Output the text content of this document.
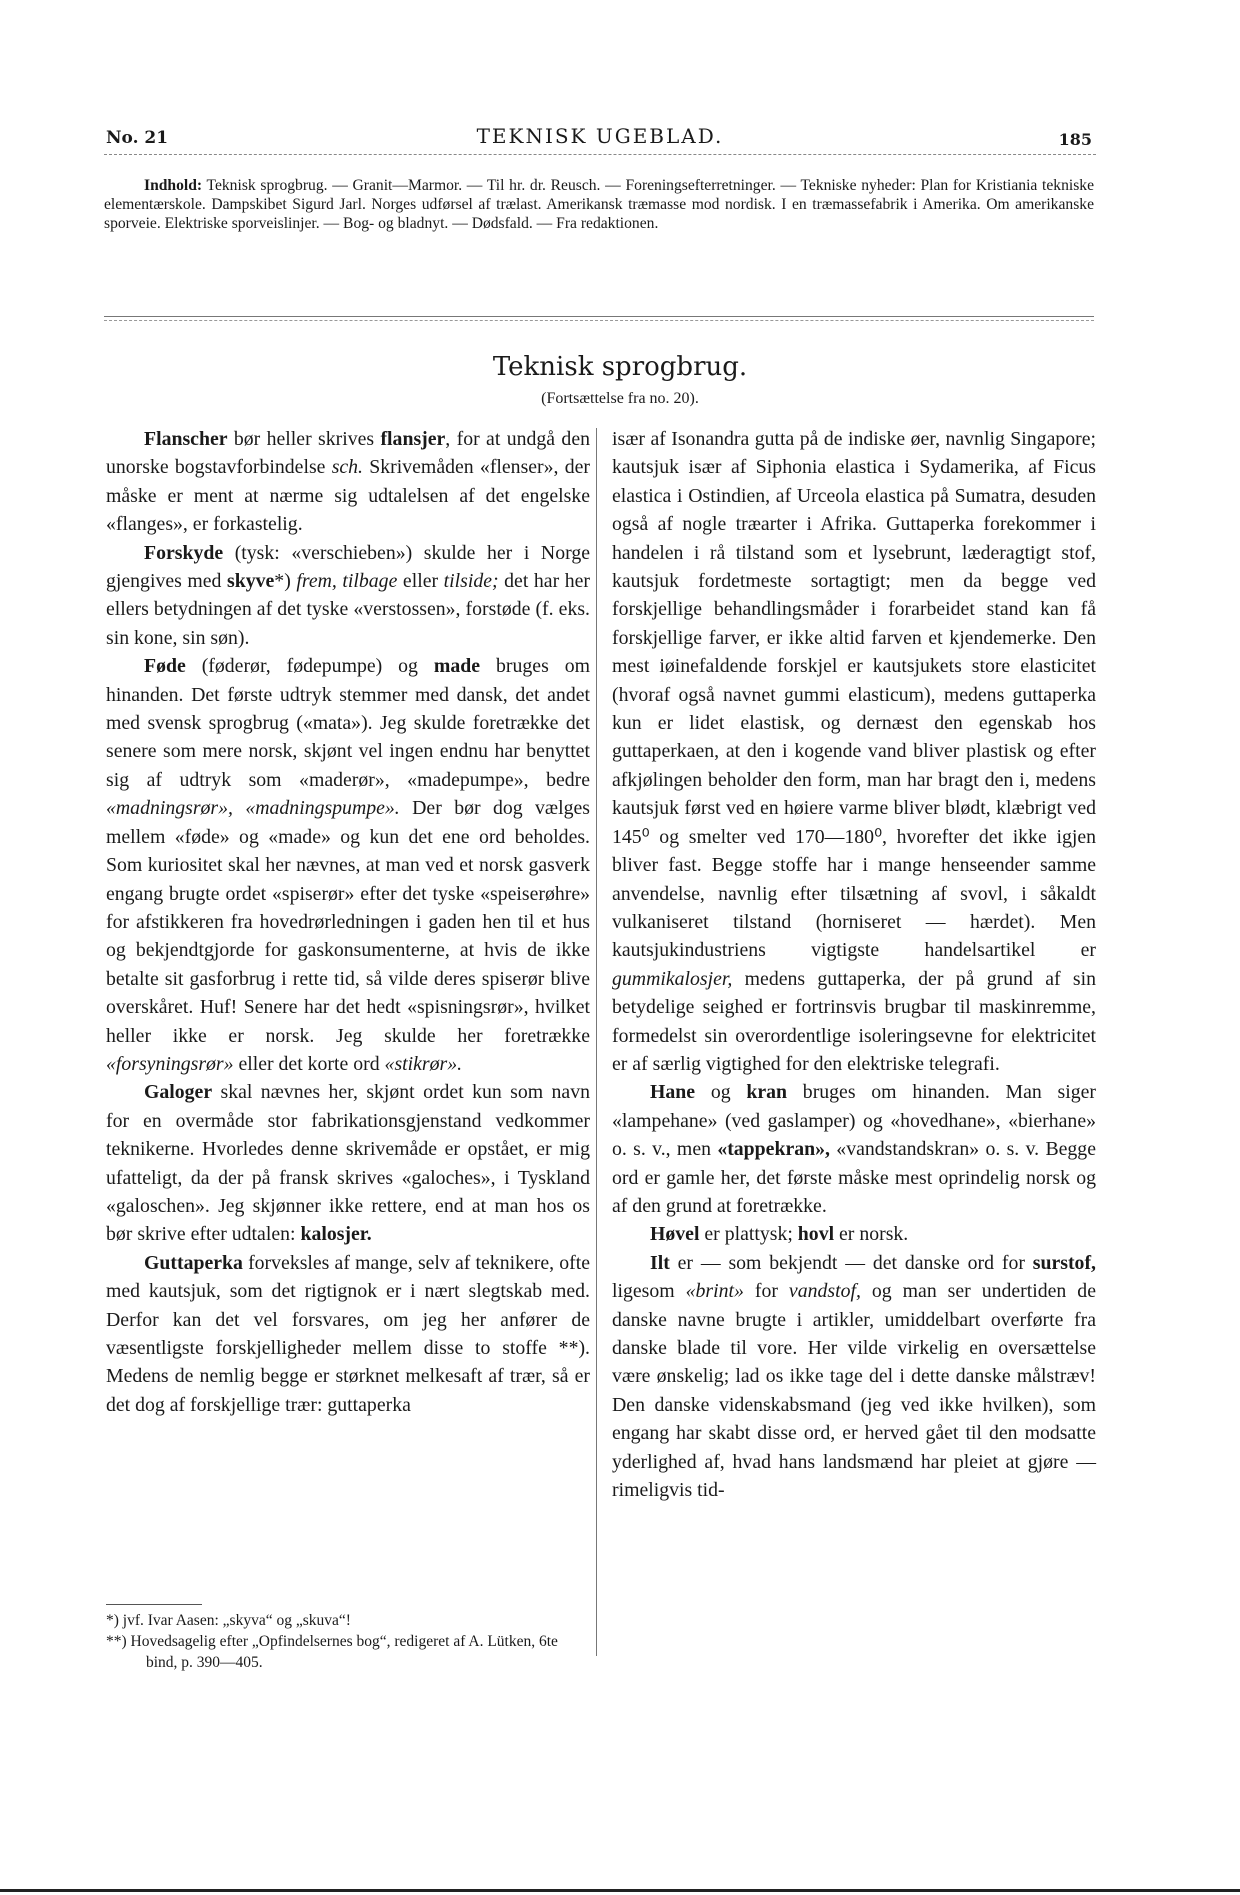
No. 21	TEKNISK UGEBLAD.	185
Indhold: Teknisk sprogbrug. — Granit—Marmor. — Til hr. dr. Reusch. — Foreningsefterretninger. — Tekniske nyheder: Plan for Kristiania tekniske elementærskole. Dampskibet Sigurd Jarl. Norges udførsel af trælast. Amerikansk træmasse mod nordisk. I en træmassefabrik i Amerika. Om amerikanske sporveie. Elektriske sporveislinjer. — Bog- og bladnyt. — Dødsfald. — Fra redaktionen.
Teknisk sprogbrug.
(Fortsættelse fra no. 20).

Flanscher bør heller skrives flansjer, for at undgå den unorske bogstavforbindelse sch. Skrivemåden «flenser», der måske er ment at nærme sig udtalelsen af det engelske «flanges», er forkastelig.

Forskyde (tysk: «verschieben») skulde her i Norge gjengives med skyve*) frem, tilbage eller tilside; det har her ellers betydningen af det tyske «verstossen», forstøde (f. eks. sin kone, sin søn).

Føde (føderør, fødepumpe) og made bruges om hinanden. Det første udtryk stemmer med dansk, det andet med svensk sprogbrug («mata»). Jeg skulde foretrække det senere som mere norsk, skjønt vel ingen endnu har benyttet sig af udtryk som «maderør», «madepumpe», bedre «madningsrør», «madningspumpe». Der bør dog vælges mellem «føde» og «made» og kun det ene ord beholdes. Som kuriositet skal her nævnes, at man ved et norsk gasverk engang brugte ordet «spiserør» efter det tyske «speiserøhre» for afstikkeren fra hovedrørledningen i gaden hen til et hus og bekjendtgjorde for gaskonsumenterne, at hvis de ikke betalte sit gasforbrug i rette tid, så vilde deres spiserør blive overskåret. Huf! Senere har det hedt «spisningsrør», hvilket heller ikke er norsk. Jeg skulde her foretrække «forsyningsrør» eller det korte ord «stikrør».

Galoger skal nævnes her, skjønt ordet kun som navn for en overmåde stor fabrikationsgjenstand vedkommer teknikerne. Hvorledes denne skrivemåde er opstået, er mig ufatteligt, da der på fransk skrives «galoches», i Tyskland «galoschen». Jeg skjønner ikke rettere, end at man hos os bør skrive efter udtalen: kalosjer.

Guttaperka forveksles af mange, selv af teknikere, ofte med kautsjuk, som det rigtignok er i nært slegtskab med. Derfor kan det vel forsvares, om jeg her anfører de væsentligste forskjelligheder mellem disse to stoffe **). Medens de nemlig begge er størknet melkesaft af trær, så er det dog af forskjellige trær: guttaperka

især af Isonandra gutta på de indiske øer, navnlig Singapore; kautsjuk især af Siphonia elastica i Sydamerika, af Ficus elastica i Ostindien, af Urceola elastica på Sumatra, desuden også af nogle træarter i Afrika. Guttaperka forekommer i handelen i rå tilstand som et lysebrunt, læderagtigt stof, kautsjuk fordetmeste sortagtigt; men da begge ved forskjellige behandlingsmåder i forarbeidet stand kan få forskjellige farver, er ikke altid farven et kjendemerke. Den mest iøinefaldende forskjel er kautsjukets store elasticitet (hvoraf også navnet gummi elasticum), medens guttaperka kun er lidet elastisk, og dernæst den egenskab hos guttaperkaen, at den i kogende vand bliver plastisk og efter afkjølingen beholder den form, man har bragt den i, medens kautsjuk først ved en høiere varme bliver blødt, klæbrigt ved 145⁰ og smelter ved 170—180⁰, hvorefter det ikke igjen bliver fast. Begge stoffe har i mange henseender samme anvendelse, navnlig efter tilsætning af svovl, i såkaldt vulkaniseret tilstand (horniseret — hærdet). Men kautsjukindustriens vigtigste handelsartikel er gummikalosjer, medens guttaperka, der på grund af sin betydelige seighed er fortrinsvis brugbar til maskinremme, formedelst sin overordentlige isoleringsevne for elektricitet er af særlig vigtighed for den elektriske telegrafi.

Hane og kran bruges om hinanden. Man siger «lampehane» (ved gaslamper) og «hovedhane», «bierhane» o. s. v., men «tappekran», «vandstandskran» o. s. v. Begge ord er gamle her, det første måske mest oprindelig norsk og af den grund at foretrække.

Høvel er plattysk; hovl er norsk.

Ilt er — som bekjendt — det danske ord for surstof, ligesom «brint» for vandstof, og man ser undertiden de danske navne brugte i artikler, umiddelbart overførte fra danske blade til vore. Her vilde virkelig en oversættelse være ønskelig; lad os ikke tage del i dette danske målstræv! Den danske videnskabsmand (jeg ved ikke hvilken), som engang har skabt disse ord, er herved gået til den modsatte yderlighed af, hvad hans landsmænd har pleiet at gjøre — rimeligvis tid-

*) jvf. Ivar Aasen: „skyva“ og „skuva“!
**) Hovedsagelig efter „Opfindelsernes bog“, redigeret af A. Lütken, 6te bind, p. 390—405.
